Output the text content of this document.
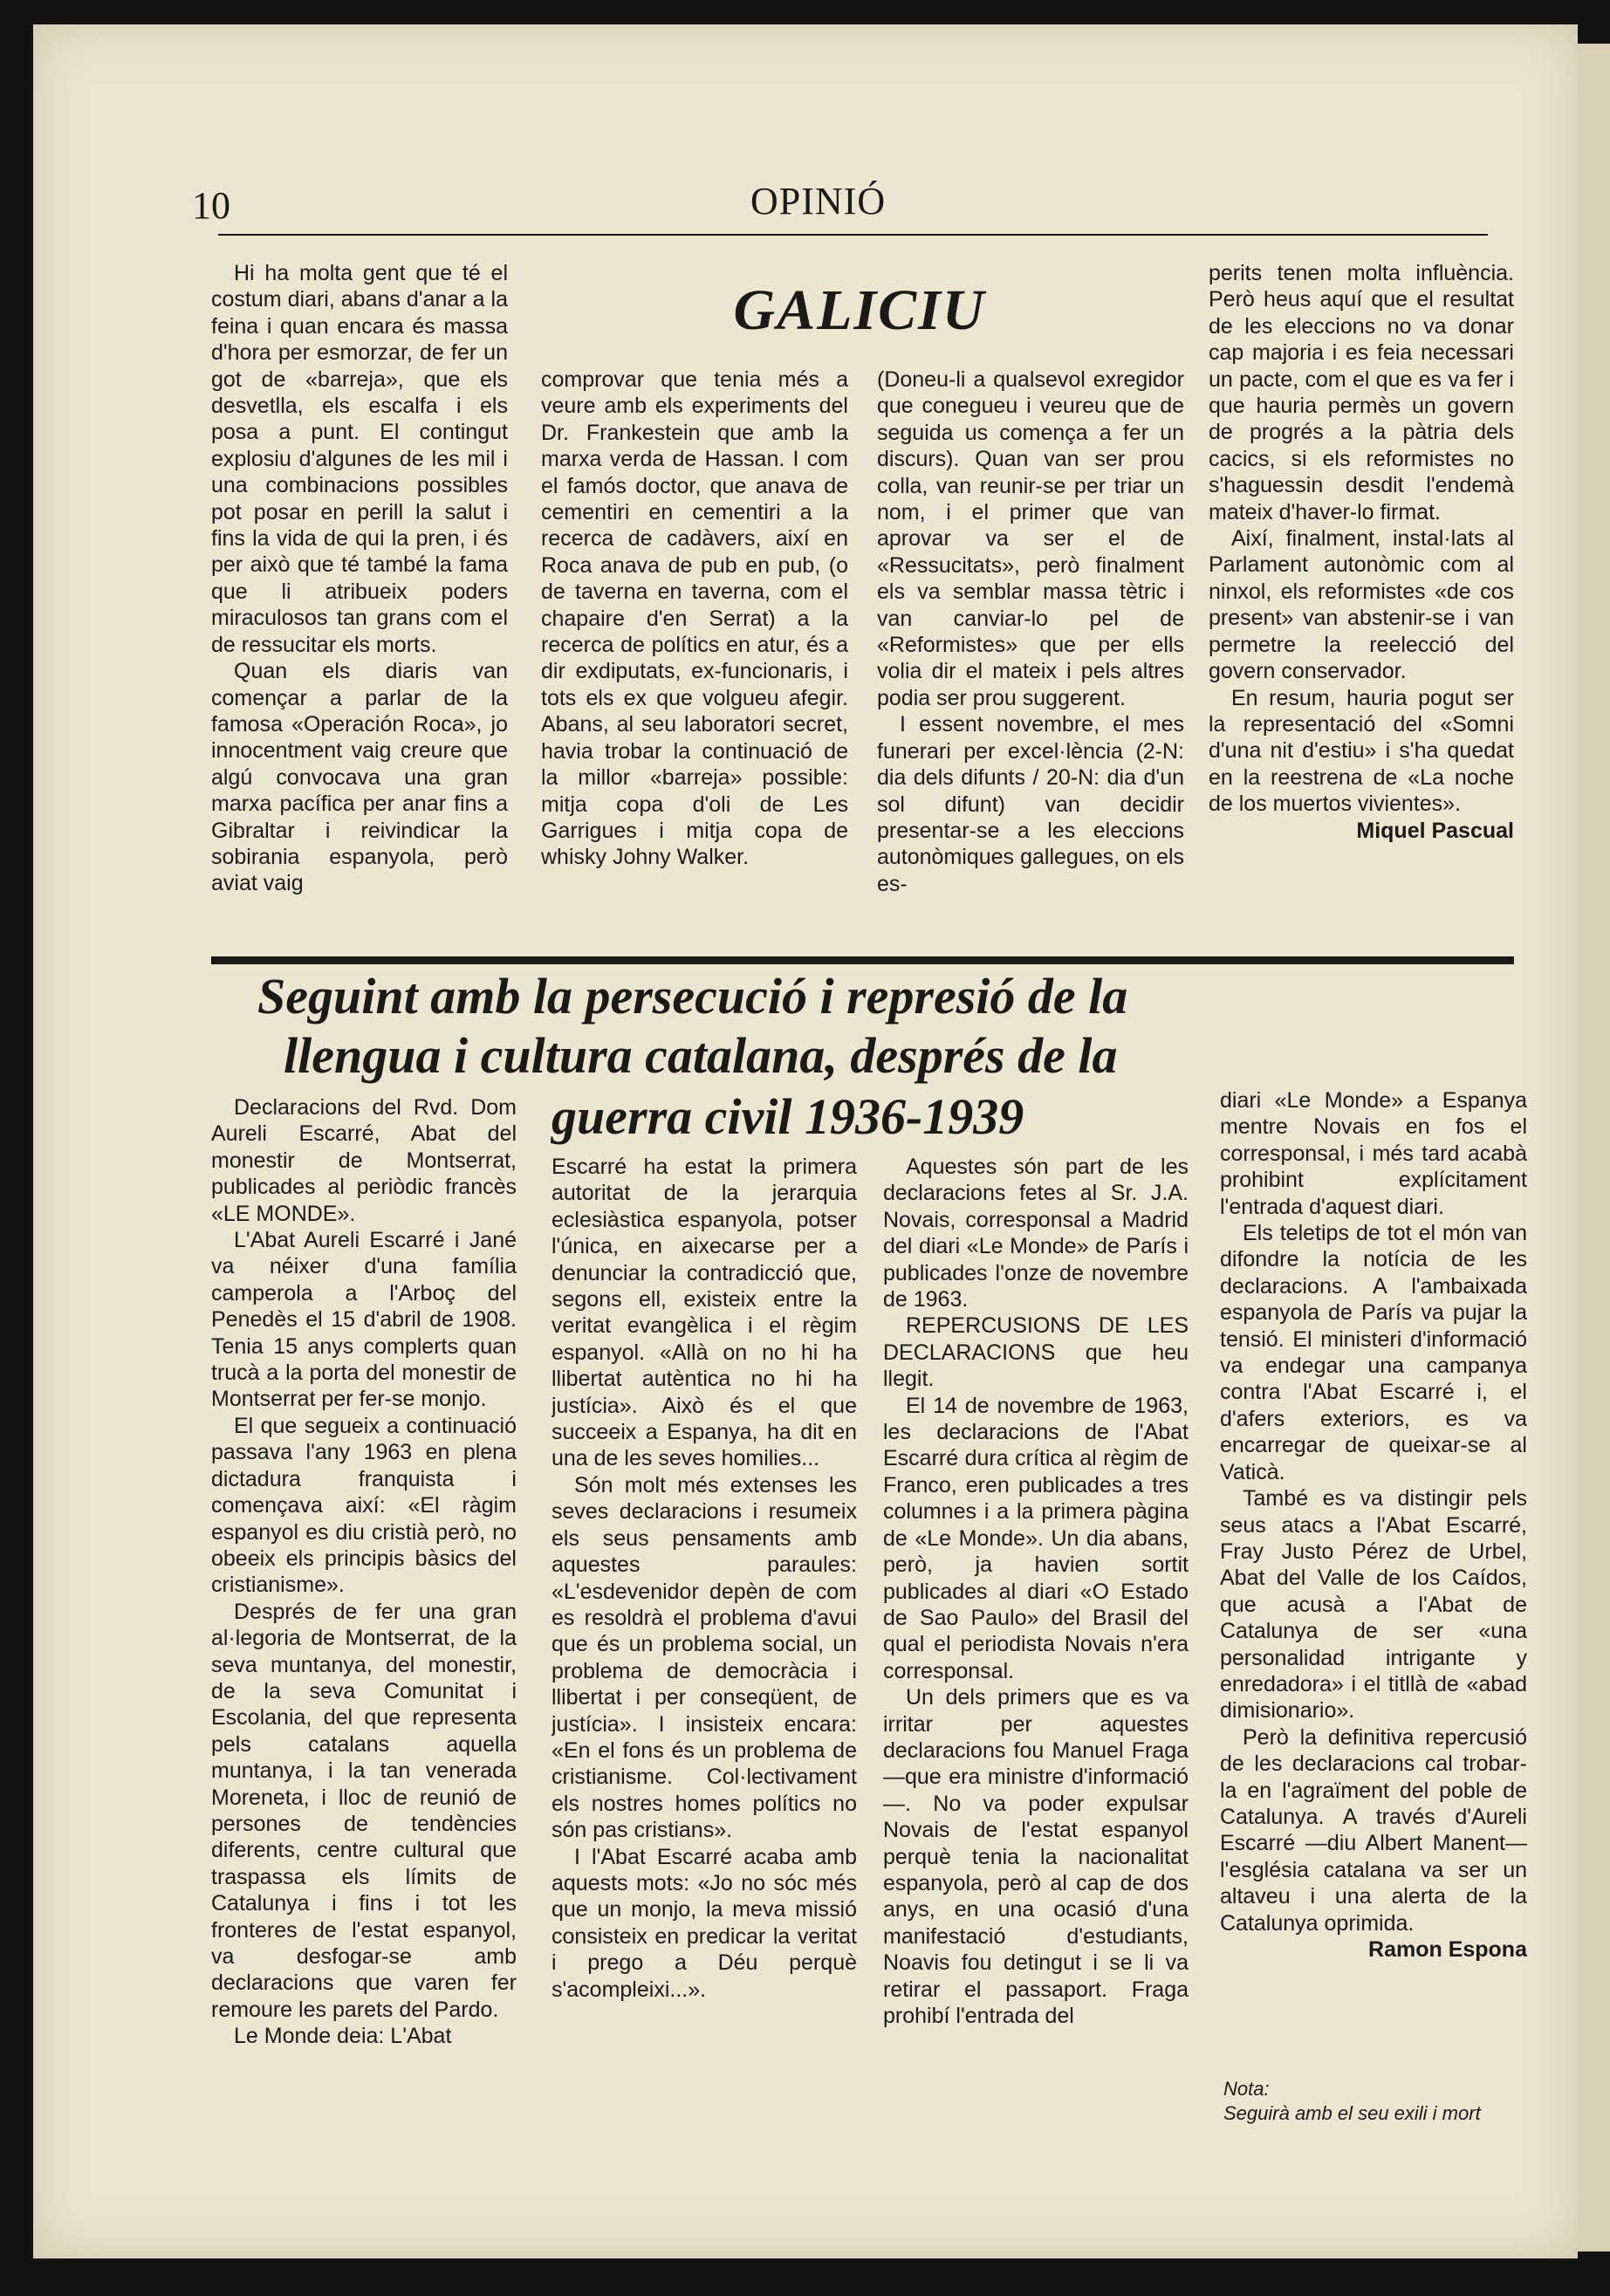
10	OPINIÓ
GALICIU

Hi ha molta gent que té el costum diari, abans d'anar a la feina i quan encara és massa d'hora per esmorzar, de fer un got de «barreja», que els desvetlla, els escalfa i els posa a punt. El contingut explosiu d'algunes de les mil i una combinacions possibles pot posar en perill la salut i fins la vida de qui la pren, i és per això que té també la fama que li atribueix poders miraculosos tan grans com el de ressucitar els morts.

Quan els diaris van començar a parlar de la famosa «Operación Roca», jo innocentment vaig creure que algú convocava una gran marxa pacífica per anar fins a Gibraltar i reivindicar la sobirania espanyola, però aviat vaig

comprovar que tenia més a veure amb els experiments del Dr. Frankestein que amb la marxa verda de Hassan. I com el famós doctor, que anava de cementiri en cementiri a la recerca de cadàvers, així en Roca anava de pub en pub, (o de taverna en taverna, com el chapaire d'en Serrat) a la recerca de polítics en atur, és a dir exdiputats, ex-funcionaris, i tots els ex que volgueu afegir. Abans, al seu laboratori secret, havia trobar la continuació de la millor «barreja» possible: mitja copa d'oli de Les Garrigues i mitja copa de whisky Johny Walker.

(Doneu-li a qualsevol exregidor que conegueu i veureu que de seguida us comença a fer un discurs). Quan van ser prou colla, van reunir-se per triar un nom, i el primer que van aprovar va ser el de «Ressucitats», però finalment els va semblar massa tètric i van canviar-lo pel de «Reformistes» que per ells volia dir el mateix i pels altres podia ser prou suggerent.

I essent novembre, el mes funerari per excel·lència (2-N: dia dels difunts / 20-N: dia d'un sol difunt) van decidir presentar-se a les eleccions autonòmiques gallegues, on els es-

perits tenen molta influència. Però heus aquí que el resultat de les eleccions no va donar cap majoria i es feia necessari un pacte, com el que es va fer i que hauria permès un govern de progrés a la pàtria dels cacics, si els reformistes no s'haguessin desdit l'endemà mateix d'haver-lo firmat.

Així, finalment, instal·lats al Parlament autonòmic com al ninxol, els reformistes «de cos present» van abstenir-se i van permetre la reelecció del govern conservador.

En resum, hauria pogut ser la representació del «Somni d'una nit d'estiu» i s'ha quedat en la reestrena de «La noche de los muertos vivientes».

Miquel Pascual

Seguint amb la persecució i represió de la
llengua i cultura catalana, després de la
guerra civil 1936-1939

Declaracions del Rvd. Dom Aureli Escarré, Abat del monestir de Montserrat, publicades al periòdic francès «LE MONDE».

L'Abat Aureli Escarré i Jané va néixer d'una família camperola a l'Arboç del Penedès el 15 d'abril de 1908. Tenia 15 anys complerts quan trucà a la porta del monestir de Montserrat per fer-se monjo.

El que segueix a continuació passava l'any 1963 en plena dictadura franquista i començava així: «El ràgim espanyol es diu cristià però, no obeeix els principis bàsics del cristianisme».

Després de fer una gran al·legoria de Montserrat, de la seva muntanya, del monestir, de la seva Comunitat i Escolania, del que representa pels catalans aquella muntanya, i la tan venerada Moreneta, i lloc de reunió de persones de tendències diferents, centre cultural que traspassa els límits de Catalunya i fins i tot les fronteres de l'estat espanyol, va desfogar-se amb declaracions que varen fer remoure les parets del Pardo.

Le Monde deia: L'Abat

Escarré ha estat la primera autoritat de la jerarquia eclesiàstica espanyola, potser l'única, en aixecarse per a denunciar la contradicció que, segons ell, existeix entre la veritat evangèlica i el règim espanyol. «Allà on no hi ha llibertat autèntica no hi ha justícia». Això és el que succeeix a Espanya, ha dit en una de les seves homilies...

Són molt més extenses les seves declaracions i resumeix els seus pensaments amb aquestes paraules: «L'esdevenidor depèn de com es resoldrà el problema d'avui que és un problema social, un problema de democràcia i llibertat i per conseqüent, de justícia». I insisteix encara: «En el fons és un problema de cristianisme. Col·lectivament els nostres homes polítics no són pas cristians».

I l'Abat Escarré acaba amb aquests mots: «Jo no sóc més que un monjo, la meva missió consisteix en predicar la veritat i prego a Déu perquè s'acompleixi...».

Aquestes són part de les declaracions fetes al Sr. J.A. Novais, corresponsal a Madrid del diari «Le Monde» de París i publicades l'onze de novembre de 1963.

REPERCUSIONS DE LES DECLARACIONS que heu llegit.

El 14 de novembre de 1963, les declaracions de l'Abat Escarré dura crítica al règim de Franco, eren publicades a tres columnes i a la primera pàgina de «Le Monde». Un dia abans, però, ja havien sortit publicades al diari «O Estado de Sao Paulo» del Brasil del qual el periodista Novais n'era corresponsal.

Un dels primers que es va irritar per aquestes declaracions fou Manuel Fraga —que era ministre d'informació—. No va poder expulsar Novais de l'estat espanyol perquè tenia la nacionalitat espanyola, però al cap de dos anys, en una ocasió d'una manifestació d'estudiants, Noavis fou detingut i se li va retirar el passaport. Fraga prohibí l'entrada del

diari «Le Monde» a Espanya mentre Novais en fos el corresponsal, i més tard acabà prohibint explícitament l'entrada d'aquest diari.

Els teletips de tot el món van difondre la notícia de les declaracions. A l'ambaixada espanyola de París va pujar la tensió. El ministeri d'informació va endegar una campanya contra l'Abat Escarré i, el d'afers exteriors, es va encarregar de queixar-se al Vaticà.

També es va distingir pels seus atacs a l'Abat Escarré, Fray Justo Pérez de Urbel, Abat del Valle de los Caídos, que acusà a l'Abat de Catalunya de ser «una personalidad intrigante y enredadora» i el titllà de «abad dimisionario».

Però la definitiva repercusió de les declaracions cal trobar-la en l'agraïment del poble de Catalunya. A través d'Aureli Escarré —diu Albert Manent— l'església catalana va ser un altaveu i una alerta de la Catalunya oprimida.

Ramon Espona

Nota:
Seguirà amb el seu exili i mort
